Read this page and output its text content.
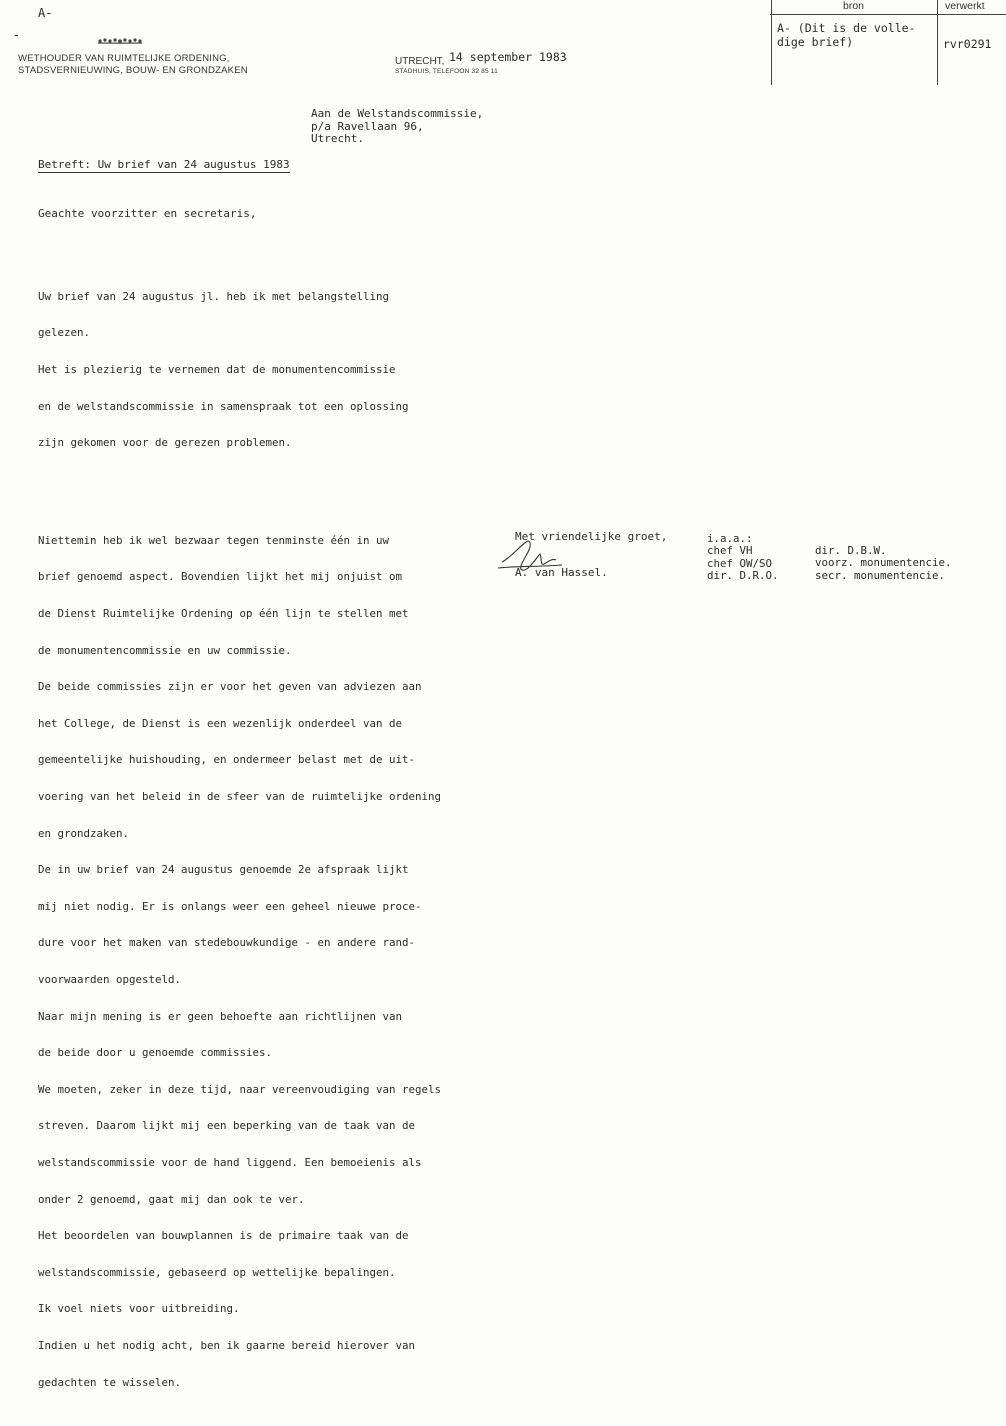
A-
-
WETHOUDER VAN RUIMTELIJKE ORDENING,
STADSVERNIEUWING, BOUW- EN GRONDZAKEN
UTRECHT, 14 september 1983
STADHUIS, TELEFOON 32 85 11
bron	verwerkt
A- (Dit is de volle-
dige brief)	rvr0291
Aan de Welstandscommissie,
p/a Ravellaan 96,
Utrecht.
Betreft: Uw brief van 24 augustus 1983
Geachte voorzitter en secretaris,

Uw brief van 24 augustus jl. heb ik met belangstelling

gelezen.

Het is plezierig te vernemen dat de monumentencommissie

en de welstandscommissie in samenspraak tot een oplossing

zijn gekomen voor de gerezen problemen.

Niettemin heb ik wel bezwaar tegen tenminste één in uw

brief genoemd aspect. Bovendien lijkt het mij onjuist om

de Dienst Ruimtelijke Ordening op één lijn te stellen met

de monumentencommissie en uw commissie.

De beide commissies zijn er voor het geven van adviezen aan

het College, de Dienst is een wezenlijk onderdeel van de

gemeentelijke huishouding, en ondermeer belast met de uit-

voering van het beleid in de sfeer van de ruimtelijke ordening

en grondzaken.

De in uw brief van 24 augustus genoemde 2e afspraak lijkt

mij niet nodig. Er is onlangs weer een geheel nieuwe proce-

dure voor het maken van stedebouwkundige - en andere rand-

voorwaarden opgesteld.

Naar mijn mening is er geen behoefte aan richtlijnen van

de beide door u genoemde commissies.

We moeten, zeker in deze tijd, naar vereenvoudiging van regels

streven. Daarom lijkt mij een beperking van de taak van de

welstandscommissie voor de hand liggend. Een bemoeienis als

onder 2 genoemd, gaat mij dan ook te ver.

Het beoordelen van bouwplannen is de primaire taak van de

welstandscommissie, gebaseerd op wettelijke bepalingen.

Ik voel niets voor uitbreiding.

Indien u het nodig acht, ben ik gaarne bereid hierover van

gedachten te wisselen.

Met vriendelijke groet,
A. van Hassel.
i.a.a.:
chef VH
chef OW/SO
dir. D.R.O.
dir. D.B.W.
voorz. monumentencie.
secr. monumentencie.
